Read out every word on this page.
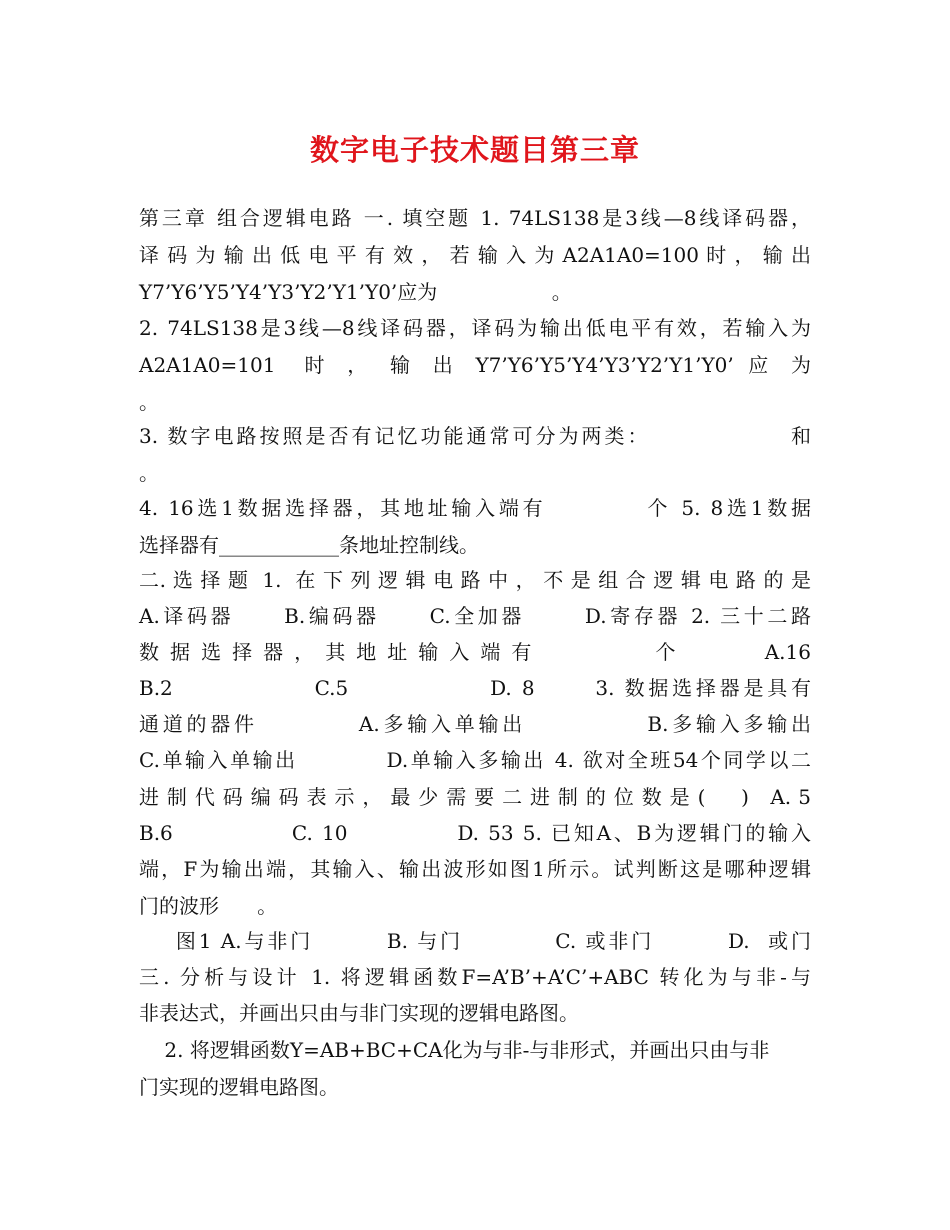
数字电子技术题目第三章
第三章 组合逻辑电路 一. 填空题 1. 74LS138是3线—8线译码器，
译 码 为 输 出 低 电 平 有 效 ， 若 输 入 为 A2A1A0=100 时 ， 输 出
Y7’Y6’Y5’Y4’Y3’Y2’Y1’Y0’应为                  。
2. 74LS138是3线—8线译码器，译码为输出低电平有效，若输入为
A2A1A0=101  时 ， 输 出 Y7’Y6’Y5’Y4’Y3’Y2’Y1’Y0’ 应 为
。
3. 数字电路按照是否有记忆功能通常可分为两类：               和
。
4. 16选1数据选择器，其地址输入端有          个 5. 8选1数据
选择器有____________条地址控制线。
二. 选 择 题  1.  在 下 列 逻 辑 电 路 中 ， 不 是 组 合 逻 辑 电 路 的 是
A.译码器     B.编码器     C.全加器      D.寄存器 2. 三十二路
数 据 选 择 器 ， 其 地 址 输 入 端 有              个          A.16
B.2              C.5              D. 8      3. 数据选择器是具有
通道的器件          A.多输入单输出            B.多输入多输出
C.单输入单输出          D.单输入多输出 4. 欲对全班54个同学以二
进 制 代 码 编 码 表 示 ， 最 少 需 要 二 进 制 的 位 数 是 (     )   A. 5
B.6             C. 10            D. 53 5. 已知A、B为逻辑门的输入
端，F为输出端，其输入、输出波形如图1所示。试判断这是哪种逻辑
门的波形      。
图1 A.与非门        B. 与门          C. 或非门        D.  或门
三. 分析与设计 1. 将逻辑函数F=A’B’+A’C’+ABC 转化为与非-与
非表达式，并画出只由与非门实现的逻辑电路图。
2. 将逻辑函数Y=AB+BC+CA化为与非-与非形式，并画出只由与非
门实现的逻辑电路图。
